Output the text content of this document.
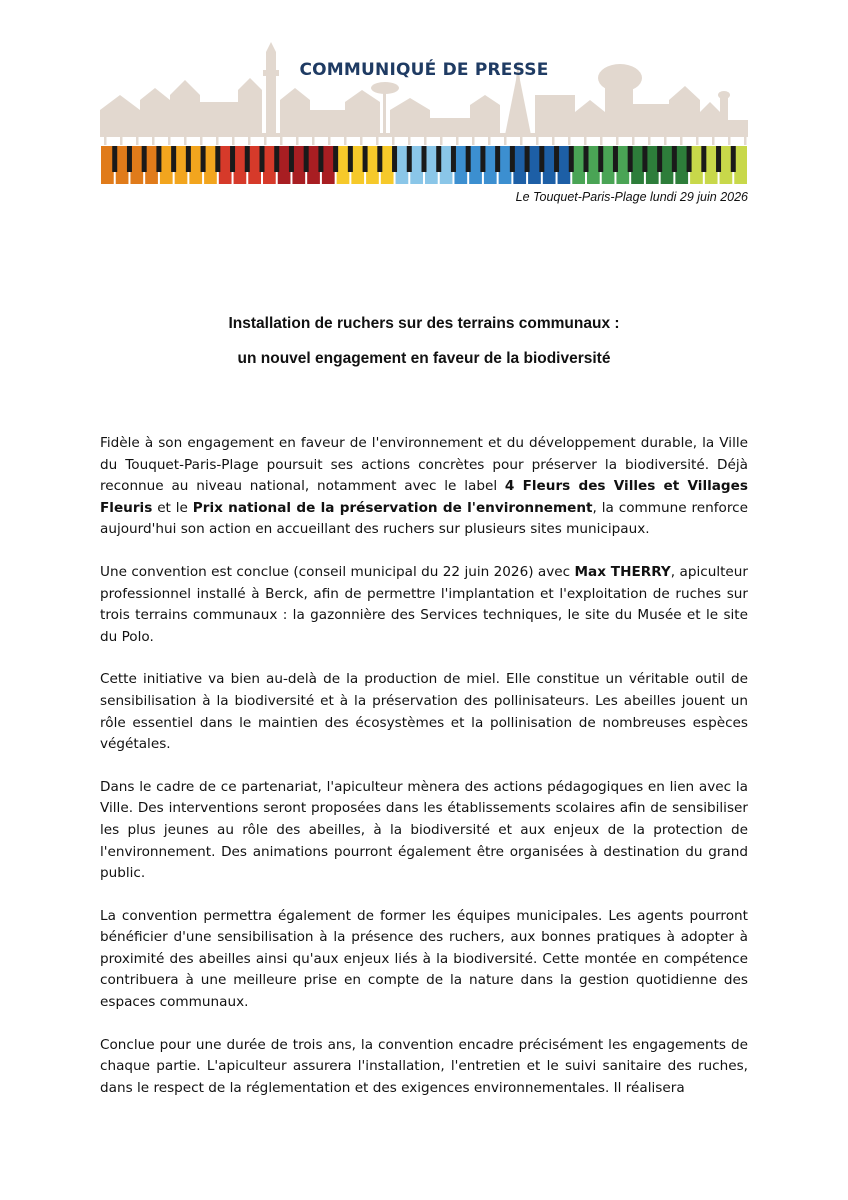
COMMUNIQUÉ DE PRESSE
Le Touquet-Paris-Plage lundi 29 juin 2026
Installation de ruchers sur des terrains communaux :
un nouvel engagement en faveur de la biodiversité

Fidèle à son engagement en faveur de l'environnement et du développement durable, la Ville du Touquet-Paris-Plage poursuit ses actions concrètes pour préserver la biodiversité. Déjà reconnue au niveau national, notamment avec le label 4 Fleurs des Villes et Villages Fleuris et le Prix national de la préservation de l'environnement, la commune renforce aujourd'hui son action en accueillant des ruchers sur plusieurs sites municipaux.

Une convention est conclue (conseil municipal du 22 juin 2026) avec Max THERRY, apiculteur professionnel installé à Berck, afin de permettre l'implantation et l'exploitation de ruches sur trois terrains communaux : la gazonnière des Services techniques, le site du Musée et le site du Polo.

Cette initiative va bien au-delà de la production de miel. Elle constitue un véritable outil de sensibilisation à la biodiversité et à la préservation des pollinisateurs. Les abeilles jouent un rôle essentiel dans le maintien des écosystèmes et la pollinisation de nombreuses espèces végétales.

Dans le cadre de ce partenariat, l'apiculteur mènera des actions pédagogiques en lien avec la Ville. Des interventions seront proposées dans les établissements scolaires afin de sensibiliser les plus jeunes au rôle des abeilles, à la biodiversité et aux enjeux de la protection de l'environnement. Des animations pourront également être organisées à destination du grand public.

La convention permettra également de former les équipes municipales. Les agents pourront bénéficier d'une sensibilisation à la présence des ruchers, aux bonnes pratiques à adopter à proximité des abeilles ainsi qu'aux enjeux liés à la biodiversité. Cette montée en compétence contribuera à une meilleure prise en compte de la nature dans la gestion quotidienne des espaces communaux.

Conclue pour une durée de trois ans, la convention encadre précisément les engagements de chaque partie. L'apiculteur assurera l'installation, l'entretien et le suivi sanitaire des ruches, dans le respect de la réglementation et des exigences environnementales. Il réalisera
